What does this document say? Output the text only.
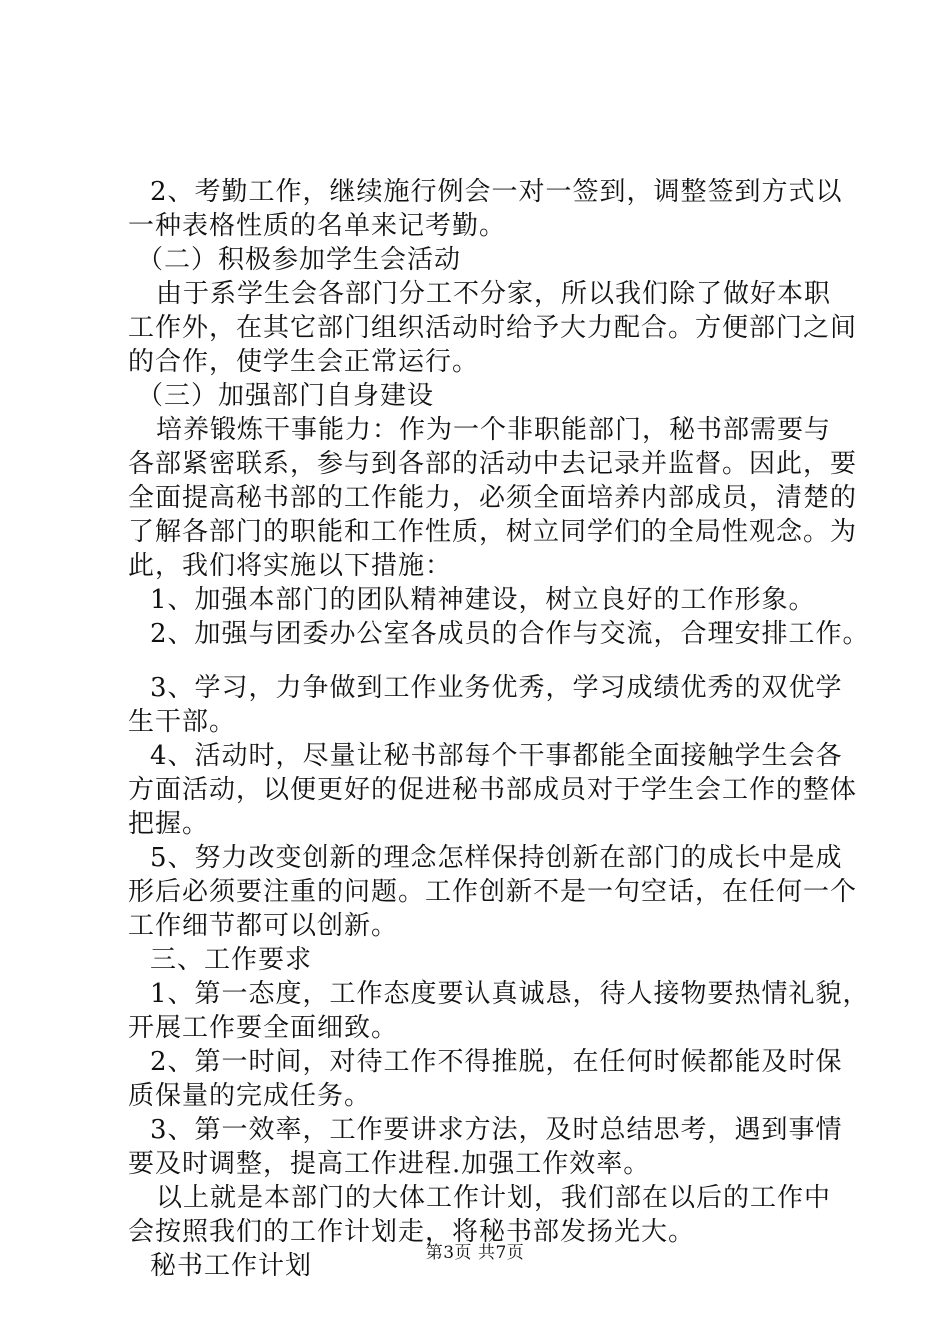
　　2、考勤工作，继续施行例会一对一签到，调整签到方式以
一种表格性质的名单来记考勤。
　　（二）积极参加学生会活动
　　由于系学生会各部门分工不分家，所以我们除了做好本职
工作外，在其它部门组织活动时给予大力配合。方便部门之间
的合作，使学生会正常运行。
　　（三）加强部门自身建设
　　培养锻炼干事能力：作为一个非职能部门，秘书部需要与
各部紧密联系，参与到各部的活动中去记录并监督。因此，要
全面提高秘书部的工作能力，必须全面培养内部成员，清楚的
了解各部门的职能和工作性质，树立同学们的全局性观念。为
此，我们将实施以下措施：
　　1、加强本部门的团队精神建设，树立良好的工作形象。
　　2、加强与团委办公室各成员的合作与交流，合理安排工作。
　　3、学习，力争做到工作业务优秀，学习成绩优秀的双优学
生干部。
　　4、活动时，尽量让秘书部每个干事都能全面接触学生会各
方面活动，以便更好的促进秘书部成员对于学生会工作的整体
把握。
　　5、努力改变创新的理念怎样保持创新在部门的成长中是成
形后必须要注重的问题。工作创新不是一句空话，在任何一个
工作细节都可以创新。
　　三、工作要求
　　1、第一态度，工作态度要认真诚恳，待人接物要热情礼貌，
开展工作要全面细致。
　　2、第一时间，对待工作不得推脱，在任何时候都能及时保
质保量的完成任务。
　　3、第一效率，工作要讲求方法，及时总结思考，遇到事情
要及时调整，提高工作进程.加强工作效率。
　　以上就是本部门的大体工作计划，我们部在以后的工作中
会按照我们的工作计划走，将秘书部发扬光大。
　　秘书工作计划	第3页 共7页
